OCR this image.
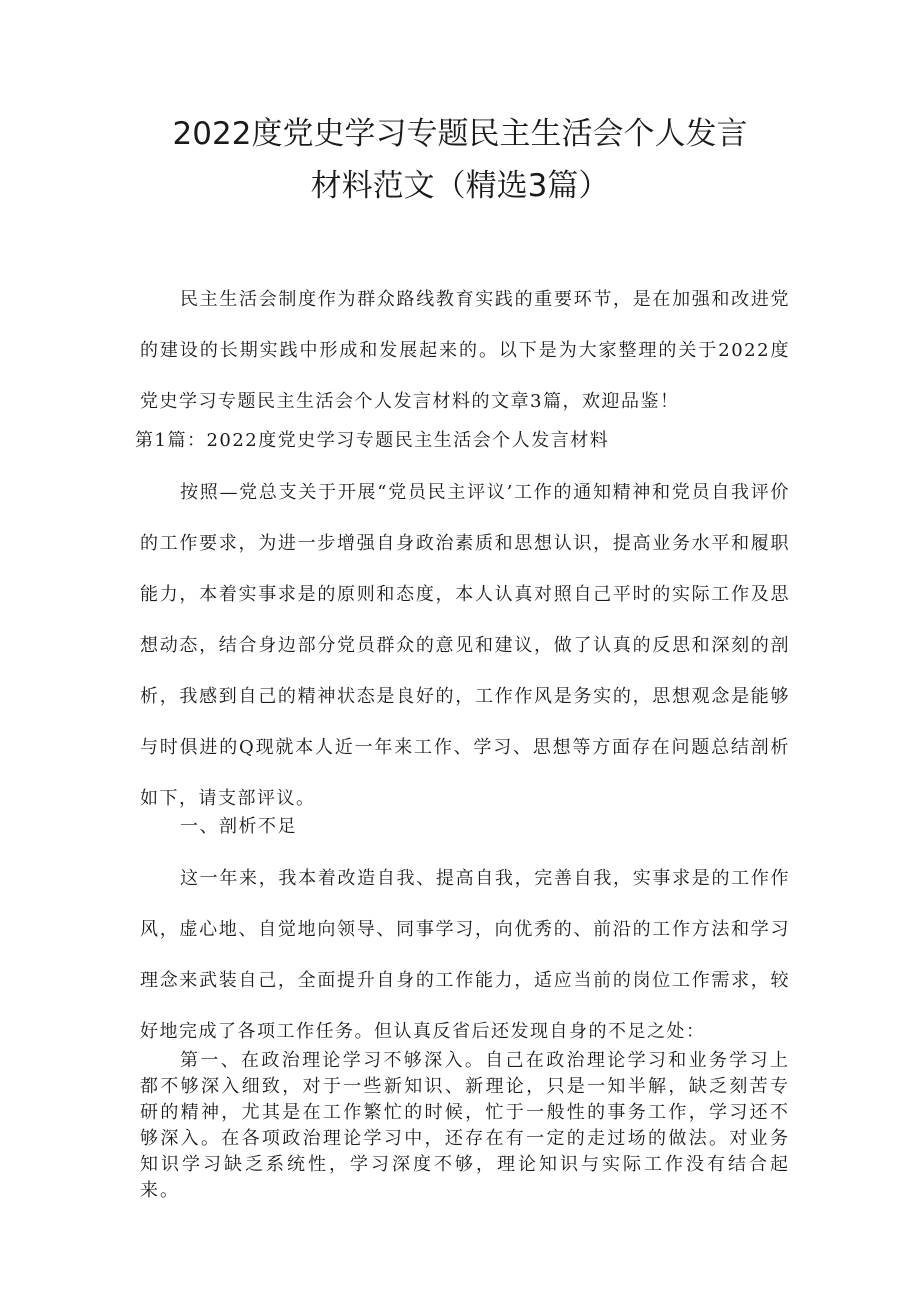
2022度党史学习专题民主生活会个人发言
材料范文（精选3篇）

民主生活会制度作为群众路线教育实践的重要环节，是在加强和改进党的建设的长期实践中形成和发展起来的。以下是为大家整理的关于2022度党史学习专题民主生活会个人发言材料的文章3篇，欢迎品鉴！

第1篇：2022度党史学习专题民主生活会个人发言材料

按照—党总支关于开展“党员民主评议’工作的通知精神和党员自我评价的工作要求，为进一步增强自身政治素质和思想认识，提高业务水平和履职能力，本着实事求是的原则和态度，本人认真对照自己平时的实际工作及思想动态，结合身边部分党员群众的意见和建议，做了认真的反思和深刻的剖析，我感到自己的精神状态是良好的，工作作风是务实的，思想观念是能够与时俱进的Q现就本人近一年来工作、学习、思想等方面存在问题总结剖析如下，请支部评议。

一、剖析不足

这一年来，我本着改造自我、提高自我，完善自我，实事求是的工作作风，虚心地、自觉地向领导、同事学习，向优秀的、前沿的工作方法和学习理念来武装自己，全面提升自身的工作能力，适应当前的岗位工作需求，较好地完成了各项工作任务。但认真反省后还发现自身的不足之处：

第一、在政治理论学习不够深入。自己在政治理论学习和业务学习上都不够深入细致，对于一些新知识、新理论，只是一知半解，缺乏刻苦专研的精神，尤其是在工作繁忙的时候，忙于一般性的事务工作，学习还不够深入。在各项政治理论学习中，还存在有一定的走过场的做法。对业务知识学习缺乏系统性，学习深度不够，理论知识与实际工作没有结合起来。
